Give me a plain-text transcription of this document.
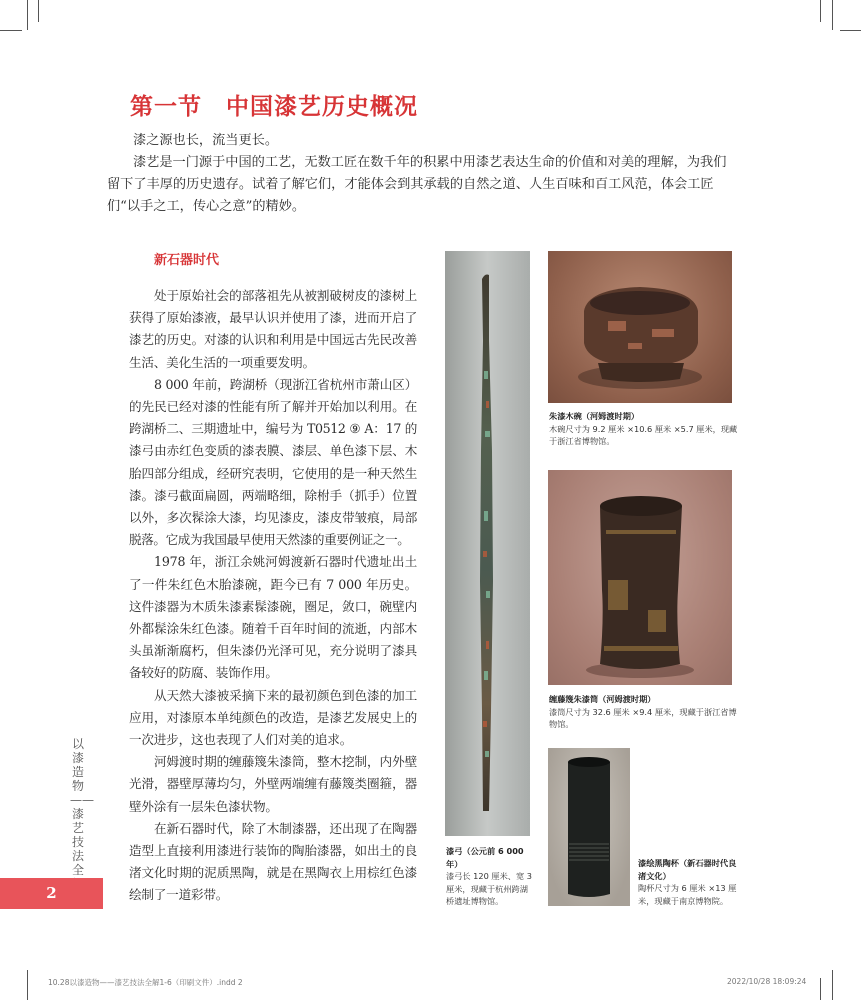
第一节　中国漆艺历史概况

漆之源也长，流当更长。

漆艺是一门源于中国的工艺，无数工匠在数千年的积累中用漆艺表达生命的价值和对美的理解，为我们留下了丰厚的历史遗存。试着了解它们，才能体会到其承载的自然之道、人生百味和百工风范，体会工匠们“以手之工，传心之意”的精妙。

新石器时代

处于原始社会的部落祖先从被割破树皮的漆树上获得了原始漆液，最早认识并使用了漆，进而开启了漆艺的历史。对漆的认识和利用是中国远古先民改善生活、美化生活的一项重要发明。

8 000 年前，跨湖桥（现浙江省杭州市萧山区）的先民已经对漆的性能有所了解并开始加以利用。在跨湖桥二、三期遗址中，编号为 T0512 ⑨ A：17 的漆弓由赤红色变质的漆表膜、漆层、单色漆下层、木胎四部分组成，经研究表明，它使用的是一种天然生漆。漆弓截面扁圆，两端略细，除柎手（抓手）位置以外，多次髹涂大漆，均见漆皮，漆皮带皱痕，局部脱落。它成为我国最早使用天然漆的重要例证之一。

1978 年，浙江余姚河姆渡新石器时代遗址出土了一件朱红色木胎漆碗，距今已有 7 000 年历史。这件漆器为木质朱漆素髹漆碗，圈足，敛口，碗壁内外都髹涂朱红色漆。随着千百年时间的流逝，内部木头虽渐渐腐朽，但朱漆仍光泽可见，充分说明了漆具备较好的防腐、装饰作用。

从天然大漆被采摘下来的最初颜色到色漆的加工应用，对漆原本单纯颜色的改造，是漆艺发展史上的一次进步，这也表现了人们对美的追求。

河姆渡时期的缠藤篾朱漆筒，整木挖制，内外壁光滑，器壁厚薄均匀，外壁两端缠有藤篾类圈箍，器壁外涂有一层朱色漆状物。

在新石器时代，除了木制漆器，还出现了在陶器造型上直接利用漆进行装饰的陶胎漆器，如出土的良渚文化时期的泥质黑陶，就是在黑陶衣上用棕红色漆绘制了一道彩带。

漆弓（公元前 6 000 年）
漆弓长 120 厘米、宽 3 厘米，现藏于杭州跨湖桥遗址博物馆。
朱漆木碗（河姆渡时期）
木碗尺寸为 9.2 厘米 ×10.6 厘米 ×5.7 厘米，现藏于浙江省博物馆。
缠藤篾朱漆筒（河姆渡时期）
漆筒尺寸为 32.6 厘米 ×9.4 厘米，现藏于浙江省博物馆。
漆绘黑陶杯（新石器时代良渚文化）
陶杯尺寸为 6 厘米 ×13 厘米，现藏于南京博物院。
以漆造物——漆艺技法全
2
10.28以漆造物——漆艺技法全解1-6（印刷文件）.indd 2	2022/10/28 18:09:24
